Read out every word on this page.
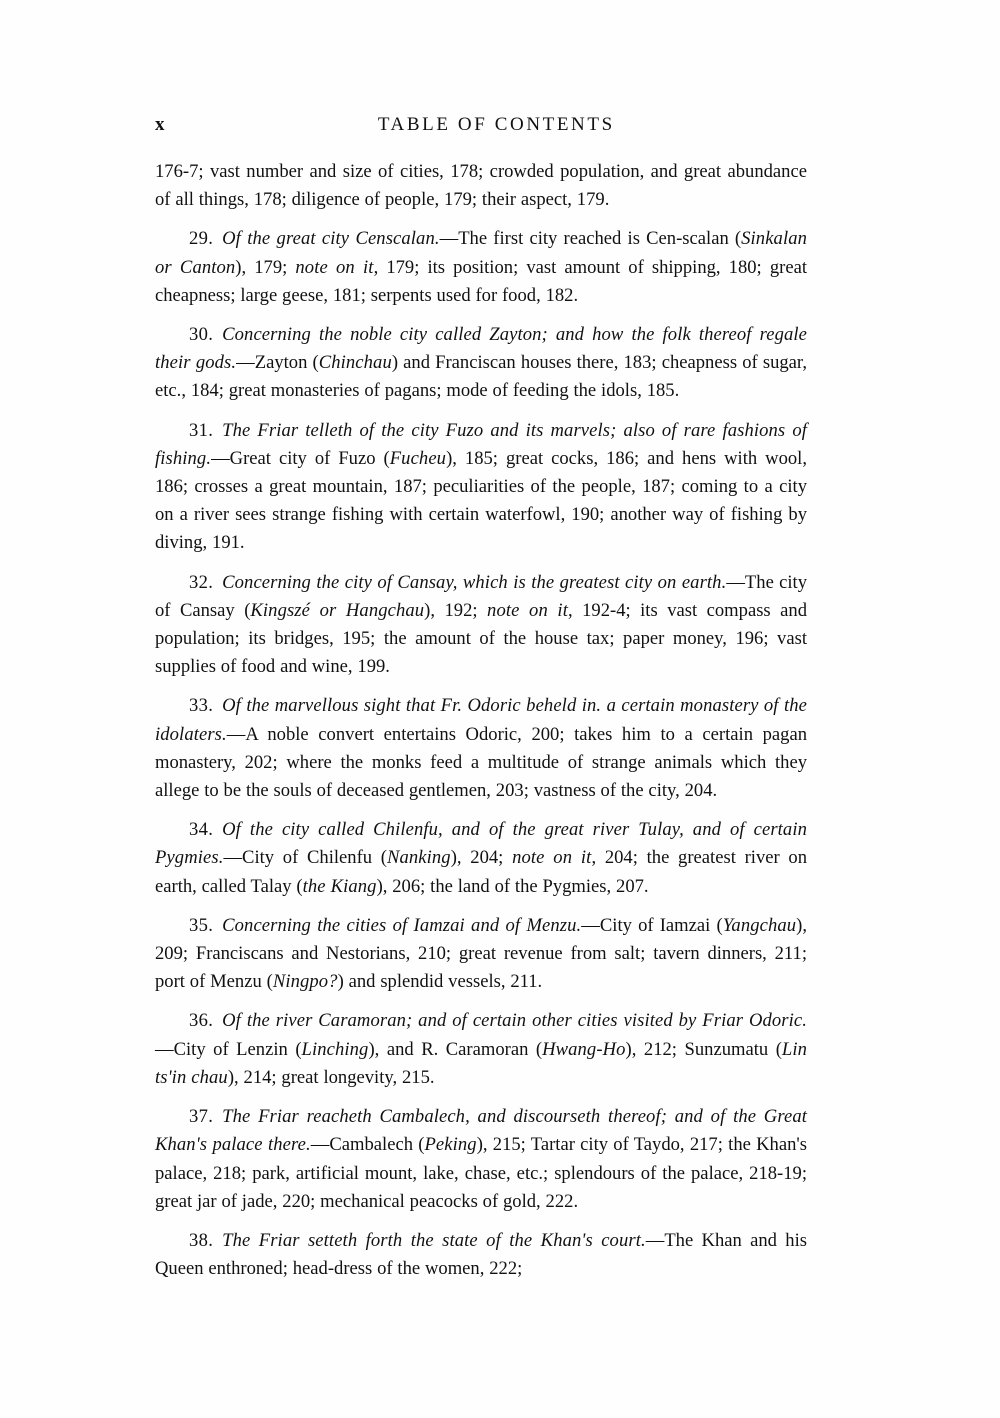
x	TABLE OF CONTENTS

176-7; vast number and size of cities, 178; crowded population, and great abundance of all things, 178; diligence of people, 179; their aspect, 179.

29. Of the great city Censcalan.—The first city reached is Cen-scalan (Sinkalan or Canton), 179; note on it, 179; its position; vast amount of shipping, 180; great cheapness; large geese, 181; serpents used for food, 182.

30. Concerning the noble city called Zayton; and how the folk thereof regale their gods.—Zayton (Chinchau) and Franciscan houses there, 183; cheapness of sugar, etc., 184; great monasteries of pagans; mode of feeding the idols, 185.

31. The Friar telleth of the city Fuzo and its marvels; also of rare fashions of fishing.—Great city of Fuzo (Fucheu), 185; great cocks, 186; and hens with wool, 186; crosses a great mountain, 187; peculiarities of the people, 187; coming to a city on a river sees strange fishing with certain waterfowl, 190; another way of fishing by diving, 191.

32. Concerning the city of Cansay, which is the greatest city on earth.—The city of Cansay (Kingszé or Hangchau), 192; note on it, 192-4; its vast compass and population; its bridges, 195; the amount of the house tax; paper money, 196; vast supplies of food and wine, 199.

33. Of the marvellous sight that Fr. Odoric beheld in. a certain monastery of the idolaters.—A noble convert entertains Odoric, 200; takes him to a certain pagan monastery, 202; where the monks feed a multitude of strange animals which they allege to be the souls of deceased gentlemen, 203; vastness of the city, 204.

34. Of the city called Chilenfu, and of the great river Tulay, and of certain Pygmies.—City of Chilenfu (Nanking), 204; note on it, 204; the greatest river on earth, called Talay (the Kiang), 206; the land of the Pygmies, 207.

35. Concerning the cities of Iamzai and of Menzu.—City of Iamzai (Yangchau), 209; Franciscans and Nestorians, 210; great revenue from salt; tavern dinners, 211; port of Menzu (Ningpo?) and splendid vessels, 211.

36. Of the river Caramoran; and of certain other cities visited by Friar Odoric.—City of Lenzin (Linching), and R. Caramoran (Hwang-Ho), 212; Sunzumatu (Lin ts'in chau), 214; great longevity, 215.

37. The Friar reacheth Cambalech, and discourseth thereof; and of the Great Khan's palace there.—Cambalech (Peking), 215; Tartar city of Taydo, 217; the Khan's palace, 218; park, artificial mount, lake, chase, etc.; splendours of the palace, 218-19; great jar of jade, 220; mechanical peacocks of gold, 222.

38. The Friar setteth forth the state of the Khan's court.—The Khan and his Queen enthroned; head-dress of the women, 222;
